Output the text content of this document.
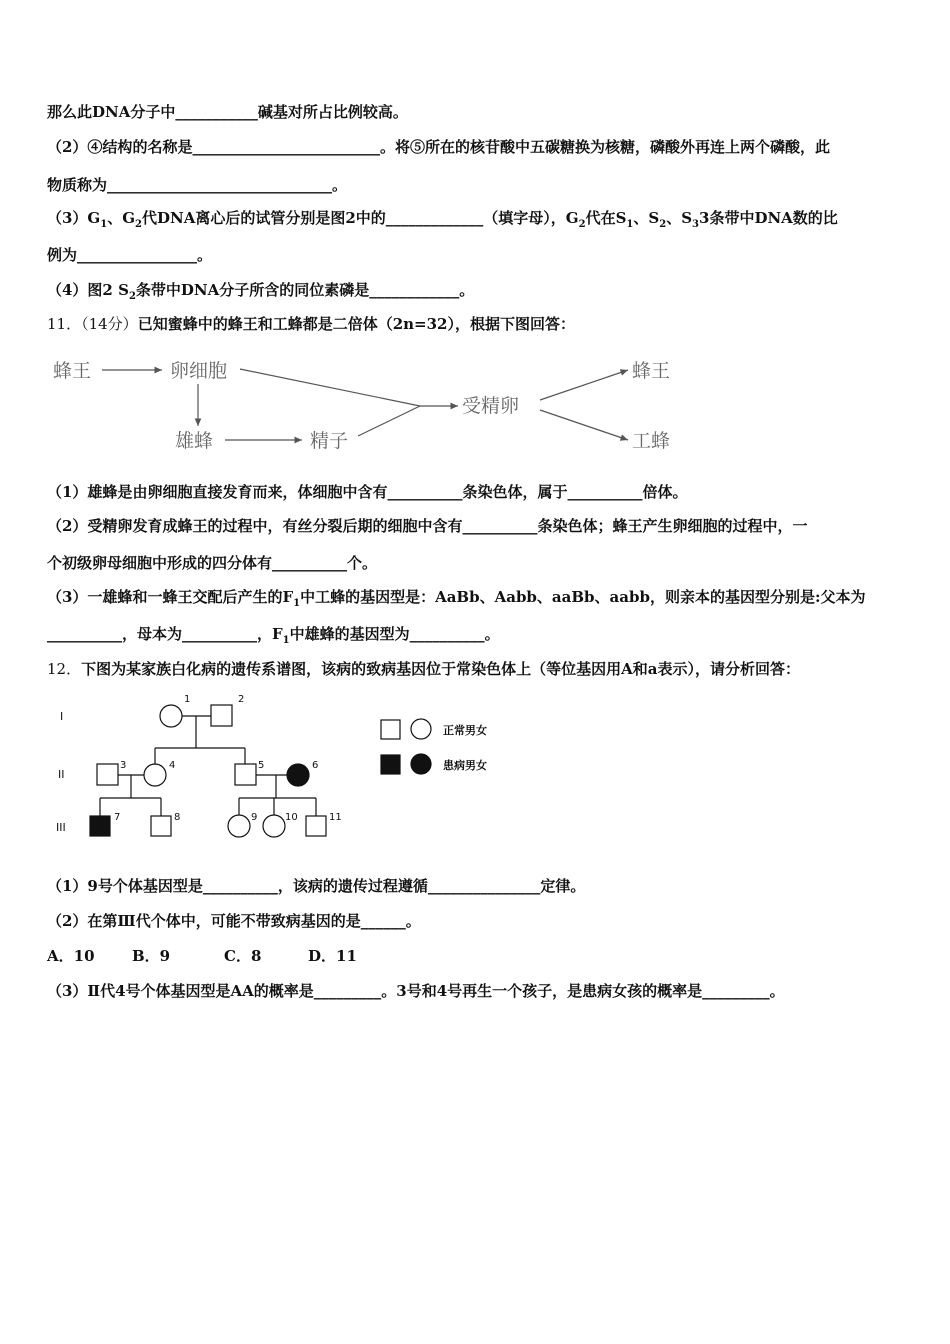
那么此DNA分子中___________碱基对所占比例较高。
（2）④结构的名称是_________________________。将⑤所在的核苷酸中五碳糖换为核糖，磷酸外再连上两个磷酸，此
物质称为______________________________。
$(3)G_1$、$G_2$代DNA离心后的试管分别是图2中的_____________（填字母），$G_2$代在$S_1$、$S_2$、$S_33$条带中DNA数的比
例为________________。
（4）图2 $S_2$条带中DNA分子所含的同位素磷是____________。
11．（14分）已知蜜蜂中的蜂王和工蜂都是二倍体（2n=32），根据下图回答：
蜂王	卵细胞
雄蜂	精子
受精卵
蜂王
工蜂
（1）雄蜂是由卵细胞直接发育而来，体细胞中含有__________条染色体，属于__________倍体。
（2）受精卵发育成蜂王的过程中，有丝分裂后期的细胞中含有__________条染色体；蜂王产生卵细胞的过程中，一
个初级卵母细胞中形成的四分体有__________个。
（3）一雄蜂和一蜂王交配后产生的$F_1$中工蜂的基因型是：AaBb、Aabb、aaBb、aabb，则亲本的基因型分别是:父本为
__________，母本为__________，$F_1$中雄蜂的基因型为__________。
12．下图为某家族白化病的遗传系谱图，该病的致病基因位于常染色体上（等位基因用A和a表示），请分析回答：
I
II
III
1	2
3	4	5	6
7	8	9	10	11
正常男女
患病男女
（1）9号个体基因型是__________，该病的遗传过程遵循_______________定律。
（2）在第Ⅲ代个体中，可能不带致病基因的是______。
A．10 B．9	C．8	D．11
（3）Ⅱ代4号个体基因型是AA的概率是_________。3号和4号再生一个孩子，是患病女孩的概率是_________。
